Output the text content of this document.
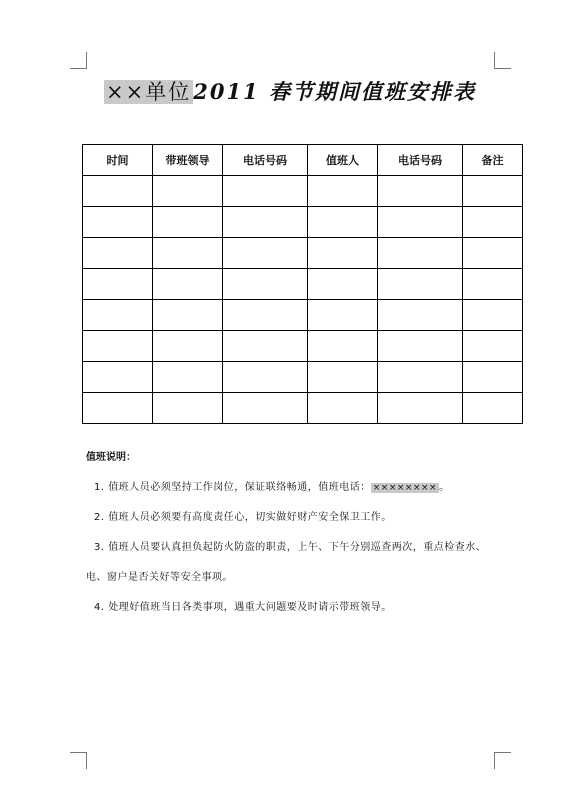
××单位2011 春节期间值班安排表
时间	带班领导	电话号码	值班人	电话号码	备注

值班说明：
1. 值班人员必须坚持工作岗位，保证联络畅通，值班电话： ×××××××× 。
2. 值班人员必须要有高度责任心，切实做好财产安全保卫工作。
3. 值班人员要认真担负起防火防盗的职责，上午、下午分别巡查两次，重点检查水、
电、窗户是否关好等安全事项。
4. 处理好值班当日各类事项，遇重大问题要及时请示带班领导。
